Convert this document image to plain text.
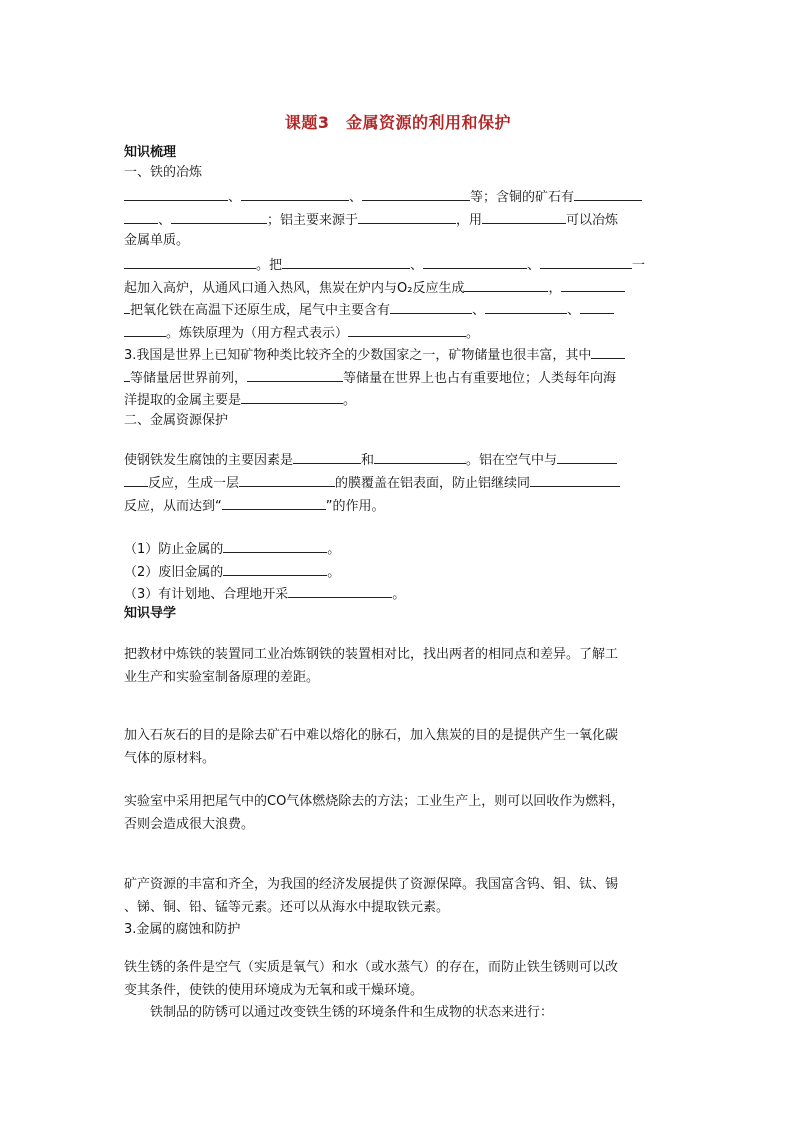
课题3　金属资源的利用和保护
知识梳理
一、铁的冶炼
、	、	等；含铜的矿石有
、	；铝主要来源于	，用	可以冶炼
金属单质。
。把	、	、	一
起加入高炉，从通风口通入热风，焦炭在炉内与O₂反应生成	，
把氧化铁在高温下还原生成，尾气中主要含有	、	、
。炼铁原理为（用方程式表示）	。
3.我国是世界上已知矿物种类比较齐全的少数国家之一，矿物储量也很丰富，其中
等储量居世界前列，	等储量在世界上也占有重要地位；人类每年向海
洋提取的金属主要是	。
二、金属资源保护
使钢铁发生腐蚀的主要因素是	和	。铝在空气中与
反应，生成一层	的膜覆盖在铝表面，防止铝继续同
反应，从而达到“	”的作用。
（1）防止金属的	。
（2）废旧金属的	。
（3）有计划地、合理地开采	。
知识导学
把教材中炼铁的装置同工业冶炼钢铁的装置相对比，找出两者的相同点和差异。了解工
业生产和实验室制备原理的差距。
加入石灰石的目的是除去矿石中难以熔化的脉石，加入焦炭的目的是提供产生一氧化碳
气体的原材料。
实验室中采用把尾气中的CO气体燃烧除去的方法；工业生产上，则可以回收作为燃料，
否则会造成很大浪费。
矿产资源的丰富和齐全，为我国的经济发展提供了资源保障。我国富含钨、钼、钛、锡
、锑、铜、铅、锰等元素。还可以从海水中提取铁元素。
3.金属的腐蚀和防护
铁生锈的条件是空气（实质是氧气）和水（或水蒸气）的存在，而防止铁生锈则可以改
变其条件，使铁的使用环境成为无氧和或干燥环境。
铁制品的防锈可以通过改变铁生锈的环境条件和生成物的状态来进行：
